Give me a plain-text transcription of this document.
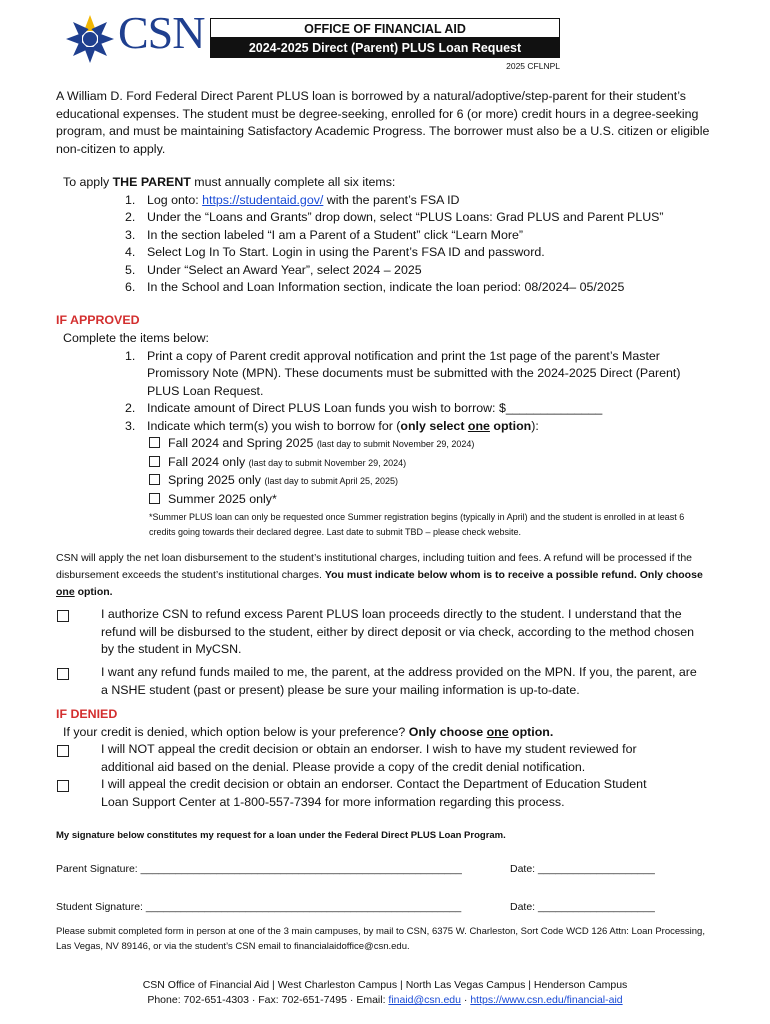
CSN	OFFICE OF FINANCIAL AID
2024-2025 Direct (Parent) PLUS Loan Request
2025 CFLNPL
A William D. Ford Federal Direct Parent PLUS loan is borrowed by a natural/adoptive/step-parent for their student’s educational expenses. The student must be degree-seeking, enrolled for 6 (or more) credit hours in a degree-seeking program, and must be maintaining Satisfactory Academic Progress. The borrower must also be a U.S. citizen or eligible non-citizen to apply.
To apply THE PARENT must annually complete all six items:
1. Log onto: https://studentaid.gov/ with the parent’s FSA ID
2. Under the “Loans and Grants” drop down, select “PLUS Loans: Grad PLUS and Parent PLUS”
3. In the section labeled “I am a Parent of a Student” click “Learn More”
4. Select Log In To Start. Login in using the Parent’s FSA ID and password.
5. Under “Select an Award Year”, select 2024 – 2025
6. In the School and Loan Information section, indicate the loan period: 08/2024– 05/2025
IF APPROVED
Complete the items below:
1. Print a copy of Parent credit approval notification and print the 1st page of the parent’s Master Promissory Note (MPN). These documents must be submitted with the 2024-2025 Direct (Parent) PLUS Loan Request.
2. Indicate amount of Direct PLUS Loan funds you wish to borrow: $______________
3. Indicate which term(s) you wish to borrow for (only select one option):
Fall 2024 and Spring 2025 (last day to submit November 29, 2024)
Fall 2024 only (last day to submit November 29, 2024)
Spring 2025 only (last day to submit April 25, 2025)
Summer 2025 only*
*Summer PLUS loan can only be requested once Summer registration begins (typically in April) and the student is enrolled in at least 6 credits going towards their declared degree. Last date to submit TBD – please check website.
CSN will apply the net loan disbursement to the student’s institutional charges, including tuition and fees. A refund will be processed if the disbursement exceeds the student’s institutional charges. You must indicate below whom is to receive a possible refund. Only choose one option.
I authorize CSN to refund excess Parent PLUS loan proceeds directly to the student. I understand that the refund will be disbursed to the student, either by direct deposit or via check, according to the method chosen by the student in MyCSN.
I want any refund funds mailed to me, the parent, at the address provided on the MPN. If you, the parent, are a NSHE student (past or present) please be sure your mailing information is up-to-date.
IF DENIED
If your credit is denied, which option below is your preference? Only choose one option.
I will NOT appeal the credit decision or obtain an endorser. I wish to have my student reviewed for additional aid based on the denial. Please provide a copy of the credit denial notification.
I will appeal the credit decision or obtain an endorser. Contact the Department of Education Student Loan Support Center at 1-800-557-7394 for more information regarding this process.
My signature below constitutes my request for a loan under the Federal Direct PLUS Loan Program.
Parent Signature: _______________________________________________________	Date: ____________________
Student Signature: ______________________________________________________	Date: ____________________
Please submit completed form in person at one of the 3 main campuses, by mail to CSN, 6375 W. Charleston, Sort Code WCD 126 Attn: Loan Processing, Las Vegas, NV 89146, or via the student’s CSN email to financialaidoffice@csn.edu.
CSN Office of Financial Aid | West Charleston Campus | North Las Vegas Campus | Henderson Campus
Phone: 702-651-4303 · Fax: 702-651-7495 · Email: finaid@csn.edu · https://www.csn.edu/financial-aid
